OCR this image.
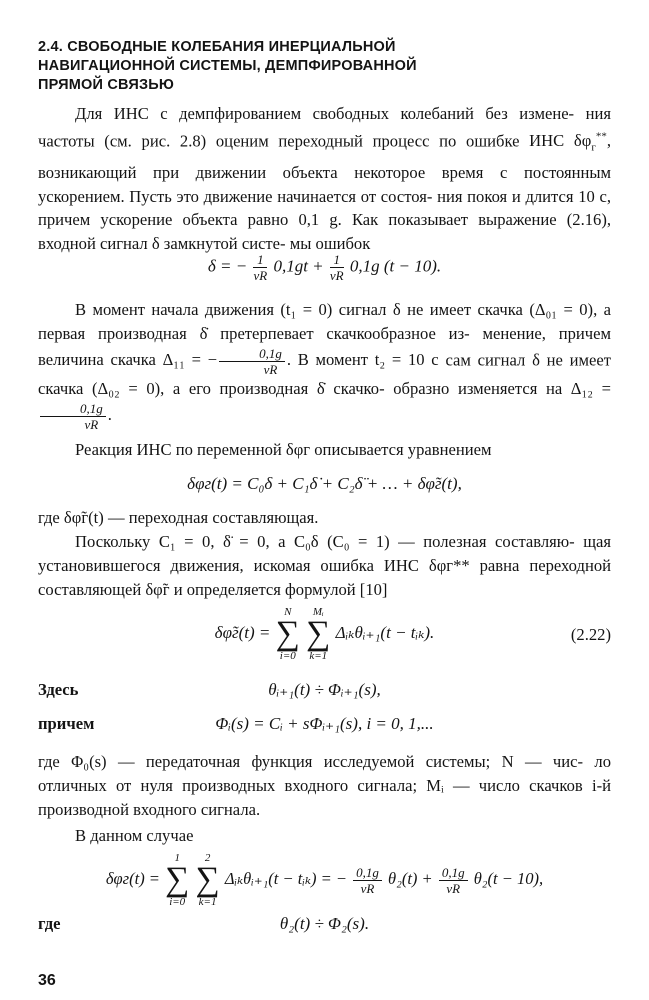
2.4. СВОБОДНЫЕ КОЛЕБАНИЯ ИНЕРЦИАЛЬНОЙ
НАВИГАЦИОННОЙ СИСТЕМЫ, ДЕМПФИРОВАННОЙ
ПРЯМОЙ СВЯЗЬЮ
Для ИНС с демпфированием свободных колебаний без измене- ния частоты (см. рис. 2.8) оценим переходный процесс по ошибке ИНС $\delta\varphi_г^{**}$, возникающий при движении объекта некоторое время с постоянным ускорением. Пусть это движение начинается от состоя- ния покоя и длится 10 с, причем ускорение объекта равно 0,1 g. Как показывает выражение (2.16), входной сигнал δ замкнутой систе- мы ошибок
δ = − $\frac{1}{\nu R} 0,1gt + \frac{1}{\nu R} 0,1g$ (t − 10).
В момент начала движения (t₁ = 0) сигнал δ не имеет скачка (Δ₀₁ = 0), а первая производная δ̇ претерпевает скачкообразное из- менение, причем величина скачка Δ₁₁ = − $\frac{0,1g}{\nu R}$ . В момент t₂ = 10 с сам сигнал δ не имеет скачка (Δ₀₂ = 0), а его производная δ̇ скачко- образно изменяется на Δ₁₂ =
$\frac{0,1g}{\nu R}$ .
Реакция ИНС по переменной δφг описывается уравнением
δφг(t) = C₀δ + C₁δ̇ + C₂δ̈ + … + δφ̃г(t),
где δφ̃г(t) — переходная составляющая.
Поскольку C₁ = 0, δ̈ = 0, а C₀δ (C₀ = 1) — полезная составляю- щая установившегося движения, искомая ошибка ИНС δφг** равна переходной составляющей δφ̃г и определяется формулой [10]
δφ̃г(t) =
N
∑
i=0

Mᵢ
∑
k=1
Δᵢₖθᵢ₊₁(t − tᵢₖ).	(2.22)
Здесь	θᵢ₊₁(t) ÷ Φᵢ₊₁(s),
причем	Φᵢ(s) = Cᵢ + sΦᵢ₊₁(s), i = 0, 1,...
где Φ₀(s) — передаточная функция исследуемой системы; N — чис- ло отличных от нуля производных входного сигнала; Mᵢ — число скачков i-й производной входного сигнала.
В данном случае
δφг(t) =
1
∑
i=0

2
∑
k=1
Δᵢₖθᵢ₊₁(t − tᵢₖ) = − $\frac{0,1g}{\nu R} \theta_2(t) + \frac{0,1g}{\nu R} \theta_2(t - 10)$,
где	θ₂(t) ÷ Φ₂(s).
36
